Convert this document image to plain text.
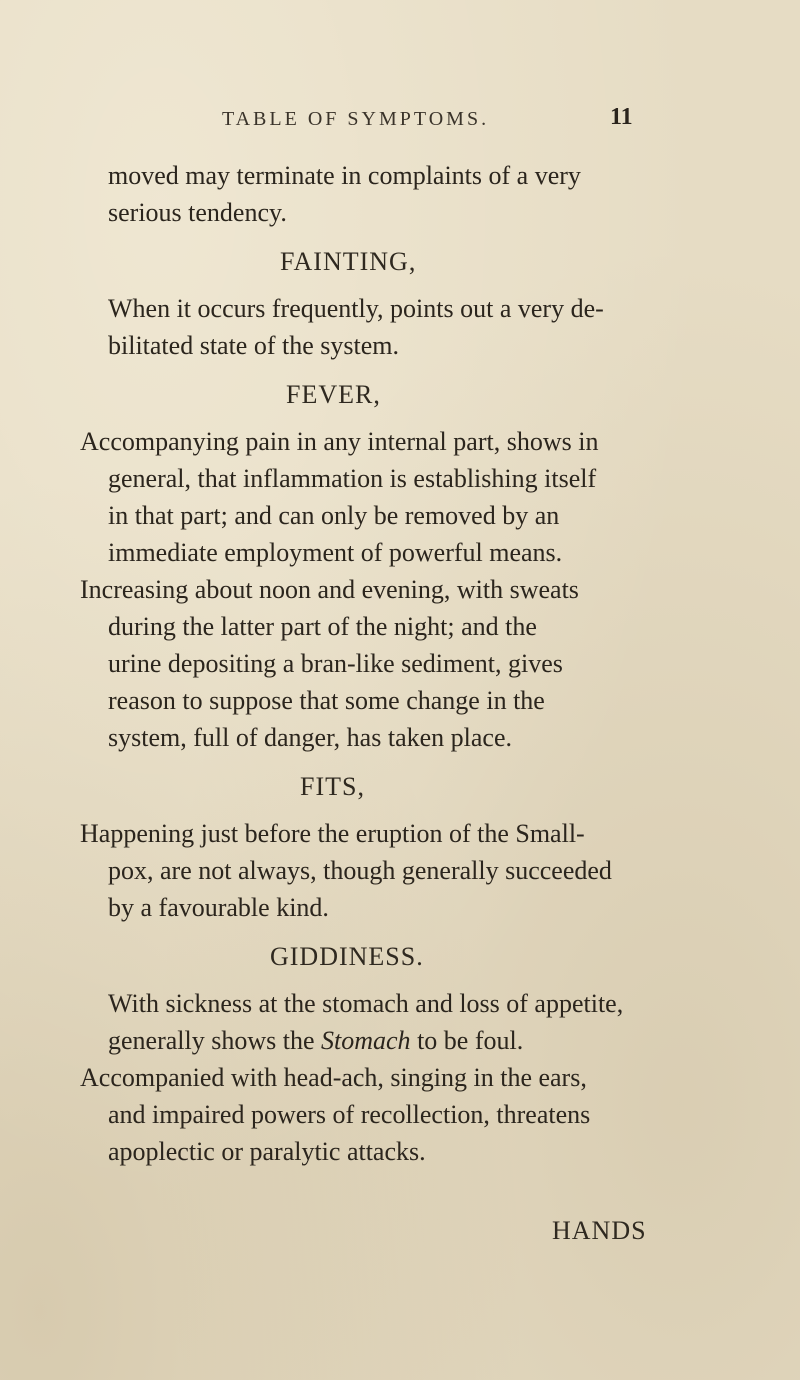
TABLE OF SYMPTOMS.	11
moved may terminate in complaints of a very
serious tendency.
FAINTING,
When it occurs frequently, points out a very de-
bilitated state of the system.
FEVER,
Accompanying pain in any internal part, shows in
general, that inflammation is establishing itself
in that part; and can only be removed by an
immediate employment of powerful means.
Increasing about noon and evening, with sweats
during the latter part of the night; and the
urine depositing a bran-like sediment, gives
reason to suppose that some change in the
system, full of danger, has taken place.
FITS,
Happening just before the eruption of the Small-
pox, are not always, though generally succeeded
by a favourable kind.
GIDDINESS.
With sickness at the stomach and loss of appetite,
generally shows the Stomach to be foul.
Accompanied with head-ach, singing in the ears,
and impaired powers of recollection, threatens
apoplectic or paralytic attacks.
HANDS
